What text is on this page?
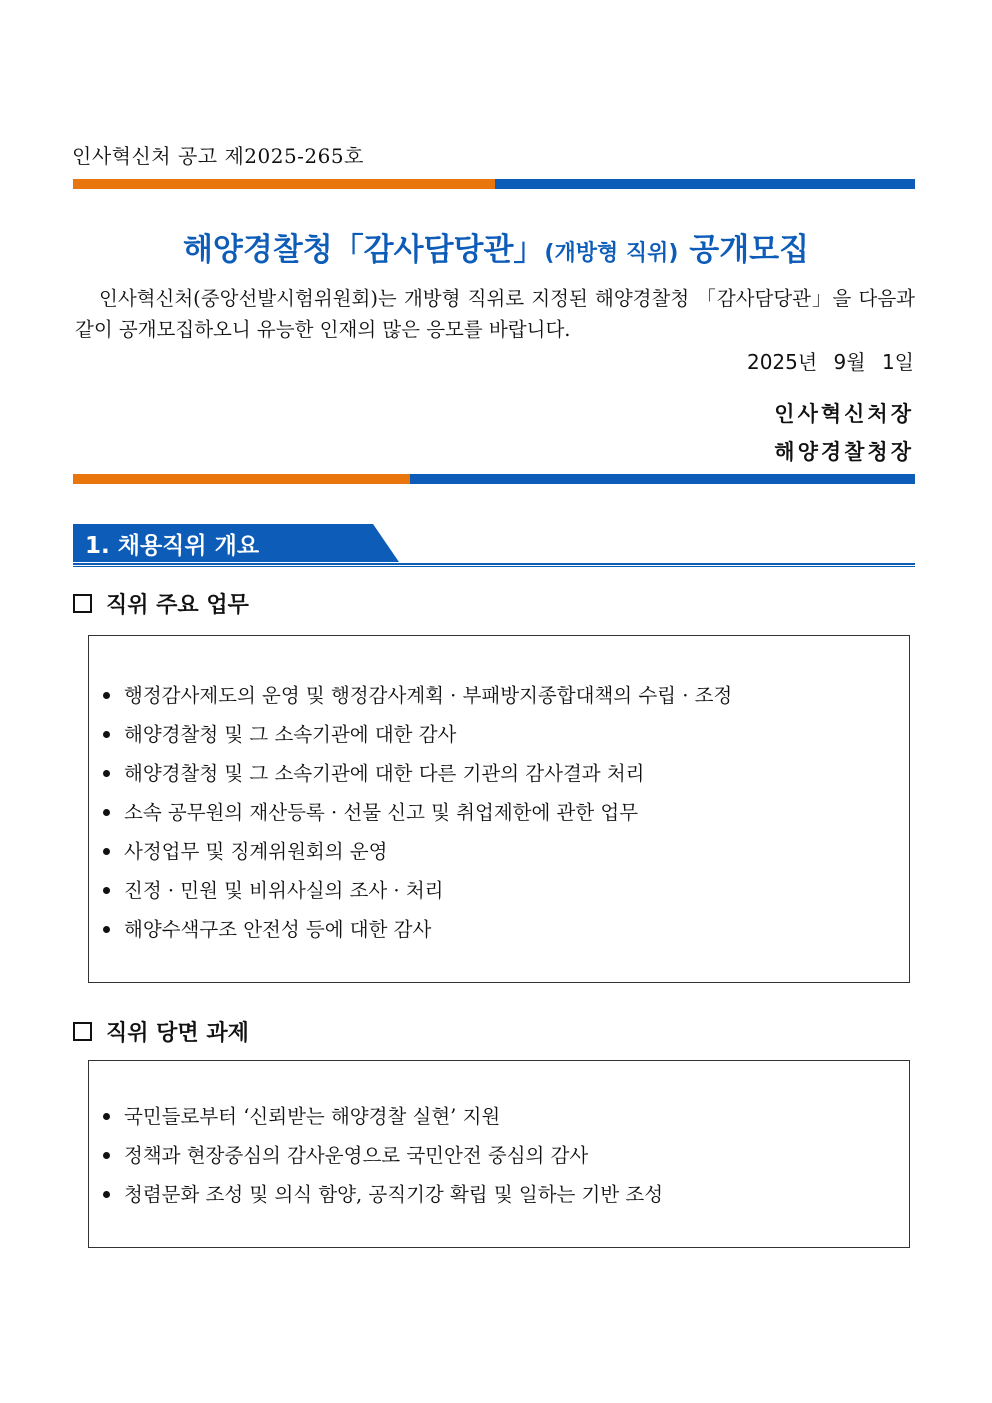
인사혁신처 공고 제2025-265호
해양경찰청「감사담당관」(개방형 직위) 공개모집
인사혁신처(중앙선발시험위원회)는 개방형 직위로 지정된 해양경찰청 「감사담당관」을 다음과 같이 공개모집하오니 유능한 인재의 많은 응모를 바랍니다.
2025년 9월 1일
인사혁신처장
해양경찰청장
1. 채용직위 개요
직위 주요 업무
행정감사제도의 운영 및 행정감사계획 · 부패방지종합대책의 수립 · 조정
해양경찰청 및 그 소속기관에 대한 감사
해양경찰청 및 그 소속기관에 대한 다른 기관의 감사결과 처리
소속 공무원의 재산등록 · 선물 신고 및 취업제한에 관한 업무
사정업무 및 징계위원회의 운영
진정 · 민원 및 비위사실의 조사 · 처리
해양수색구조 안전성 등에 대한 감사
직위 당면 과제
국민들로부터 ‘신뢰받는 해양경찰 실현’ 지원
정책과 현장중심의 감사운영으로 국민안전 중심의 감사
청렴문화 조성 및 의식 함양, 공직기강 확립 및 일하는 기반 조성
